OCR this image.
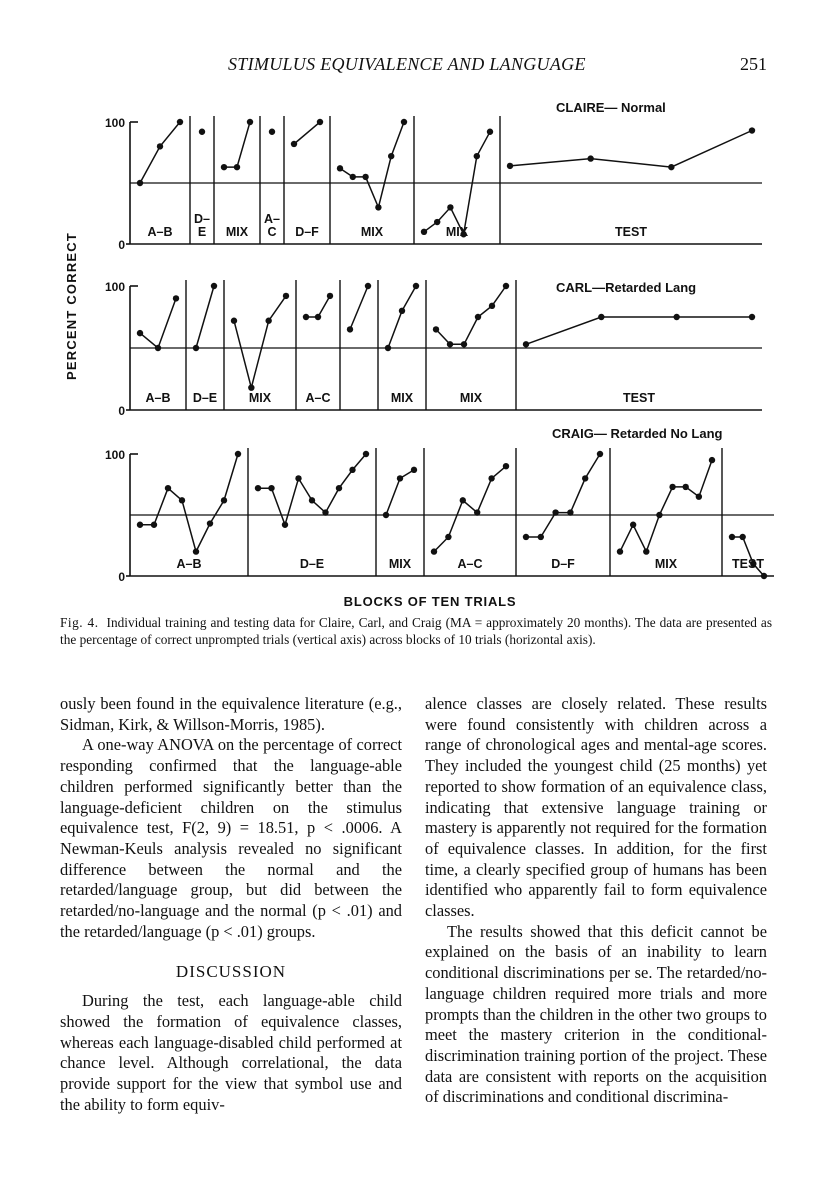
STIMULUS EQUIVALENCE AND LANGUAGE	251
PERCENT CORRECT
BLOCKS OF TEN TRIALS
CLAIRE— Normal
100
0
A–B
D–
E MIX
A–
C D–F	MIX	MIX	TEST
CARL—Retarded Lang
100
0
A–B D–E	MIX	A–C	MIX	MIX	TEST
CRAIG— Retarded No Lang
100
0
A–B	D–E	MIX	A–C	D–F	MIX	TEST

Fig. 4. Individual training and testing data for Claire, Carl, and Craig (MA = approximately 20 months). The data are presented as the percentage of correct unprompted trials (vertical axis) across blocks of 10 trials (horizontal axis).

ously been found in the equivalence literature (e.g., Sidman, Kirk, & Willson-Morris, 1985).

A one-way ANOVA on the percentage of correct responding confirmed that the language-able children performed significantly better than the language-deficient children on the stimulus equivalence test, F(2, 9) = 18.51, p < .0006. A Newman-Keuls analysis revealed no significant difference between the normal and the retarded/language group, but did between the retarded/no-language and the normal (p < .01) and the retarded/language (p < .01) groups.

DISCUSSION

During the test, each language-able child showed the formation of equivalence classes, whereas each language-disabled child performed at chance level. Although correlational, the data provide support for the view that symbol use and the ability to form equiv-

alence classes are closely related. These results were found consistently with children across a range of chronological ages and mental-age scores. They included the youngest child (25 months) yet reported to show formation of an equivalence class, indicating that extensive language training or mastery is apparently not required for the formation of equivalence classes. In addition, for the first time, a clearly specified group of humans has been identified who apparently fail to form equivalence classes.

The results showed that this deficit cannot be explained on the basis of an inability to learn conditional discriminations per se. The retarded/no-language children required more trials and more prompts than the children in the other two groups to meet the mastery criterion in the conditional-discrimination training portion of the project. These data are consistent with reports on the acquisition of discriminations and conditional discrimina-
